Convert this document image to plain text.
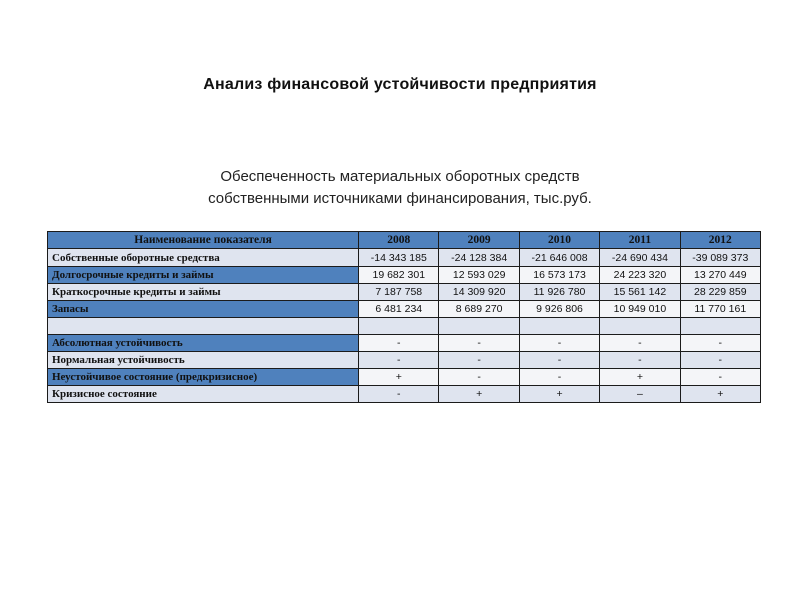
Анализ финансовой устойчивости предприятия
Обеспеченность материальных оборотных средств
собственными источниками финансирования, тыс.руб.
Наименование показателя	2008	2009	2010	2011	2012
Собственные оборотные средства	-14 343 185	-24 128 384	-21 646 008	-24 690 434	-39 089 373
Долгосрочные кредиты и займы	19 682 301	12 593 029	16 573 173	24 223 320	13 270 449
Краткосрочные кредиты и займы	7 187 758	14 309 920	11 926 780	15 561 142	28 229 859
Запасы	6 481 234	8 689 270	9 926 806	10 949 010	11 770 161

Абсолютная устойчивость	-	-	-	-	-
Нормальная устойчивость	-	-	-	-	-
Неустойчивое состояние (предкризисное)	+	-	-	+	-
Кризисное состояние	-	+	+	–	+
